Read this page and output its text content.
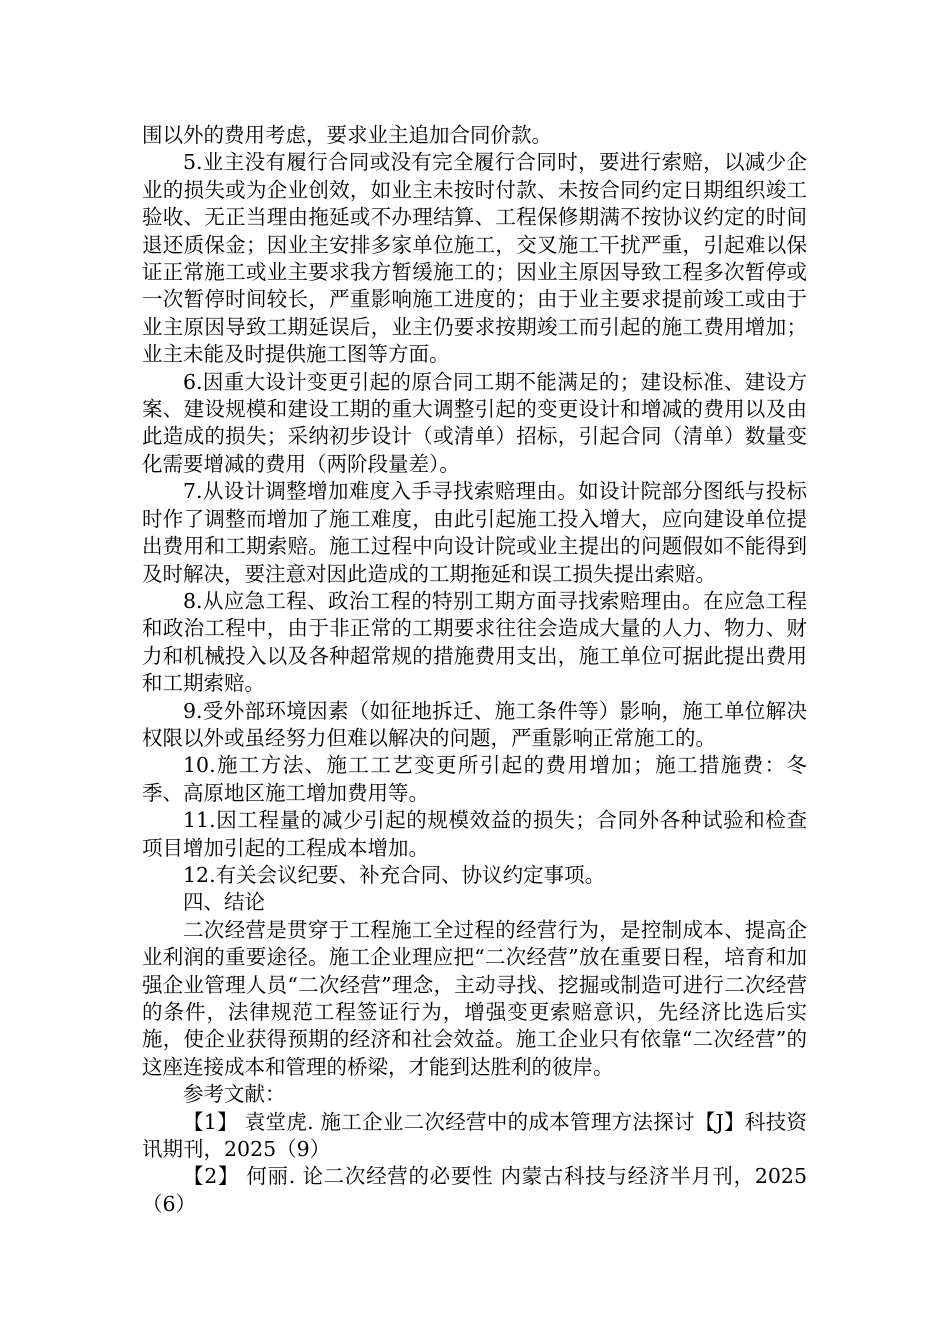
围以外的费用考虑，要求业主追加合同价款。

5.业主没有履行合同或没有完全履行合同时，要进行索赔，以减少企业的损失或为企业创效，如业主未按时付款、未按合同约定日期组织竣工验收、无正当理由拖延或不办理结算、工程保修期满不按协议约定的时间退还质保金；因业主安排多家单位施工，交叉施工干扰严重，引起难以保证正常施工或业主要求我方暂缓施工的；因业主原因导致工程多次暂停或一次暂停时间较长，严重影响施工进度的；由于业主要求提前竣工或由于业主原因导致工期延误后，业主仍要求按期竣工而引起的施工费用增加；业主未能及时提供施工图等方面。

6.因重大设计变更引起的原合同工期不能满足的；建设标准、建设方案、建设规模和建设工期的重大调整引起的变更设计和增减的费用以及由此造成的损失；采纳初步设计（或清单）招标，引起合同（清单）数量变化需要增减的费用（两阶段量差）。

7.从设计调整增加难度入手寻找索赔理由。如设计院部分图纸与投标时作了调整而增加了施工难度，由此引起施工投入增大，应向建设单位提出费用和工期索赔。施工过程中向设计院或业主提出的问题假如不能得到及时解决，要注意对因此造成的工期拖延和误工损失提出索赔。

8.从应急工程、政治工程的特别工期方面寻找索赔理由。在应急工程和政治工程中，由于非正常的工期要求往往会造成大量的人力、物力、财力和机械投入以及各种超常规的措施费用支出，施工单位可据此提出费用和工期索赔。

9.受外部环境因素（如征地拆迁、施工条件等）影响，施工单位解决权限以外或虽经努力但难以解决的问题，严重影响正常施工的。

10.施工方法、施工工艺变更所引起的费用增加；施工措施费：冬季、高原地区施工增加费用等。

11.因工程量的减少引起的规模效益的损失；合同外各种试验和检查项目增加引起的工程成本增加。

12.有关会议纪要、补充合同、协议约定事项。

四、结论

二次经营是贯穿于工程施工全过程的经营行为，是控制成本、提高企业利润的重要途径。施工企业理应把“二次经营”放在重要日程，培育和加强企业管理人员“二次经营”理念，主动寻找、挖掘或制造可进行二次经营的条件，法律规范工程签证行为，增强变更索赔意识，先经济比选后实施，使企业获得预期的经济和社会效益。施工企业只有依靠“二次经营”的这座连接成本和管理的桥梁，才能到达胜利的彼岸。

参考文献：

【1】 袁堂虎. 施工企业二次经营中的成本管理方法探讨【J】科技资讯期刊，2025（9）

【2】 何丽. 论二次经营的必要性 内蒙古科技与经济半月刊，2025（6）
